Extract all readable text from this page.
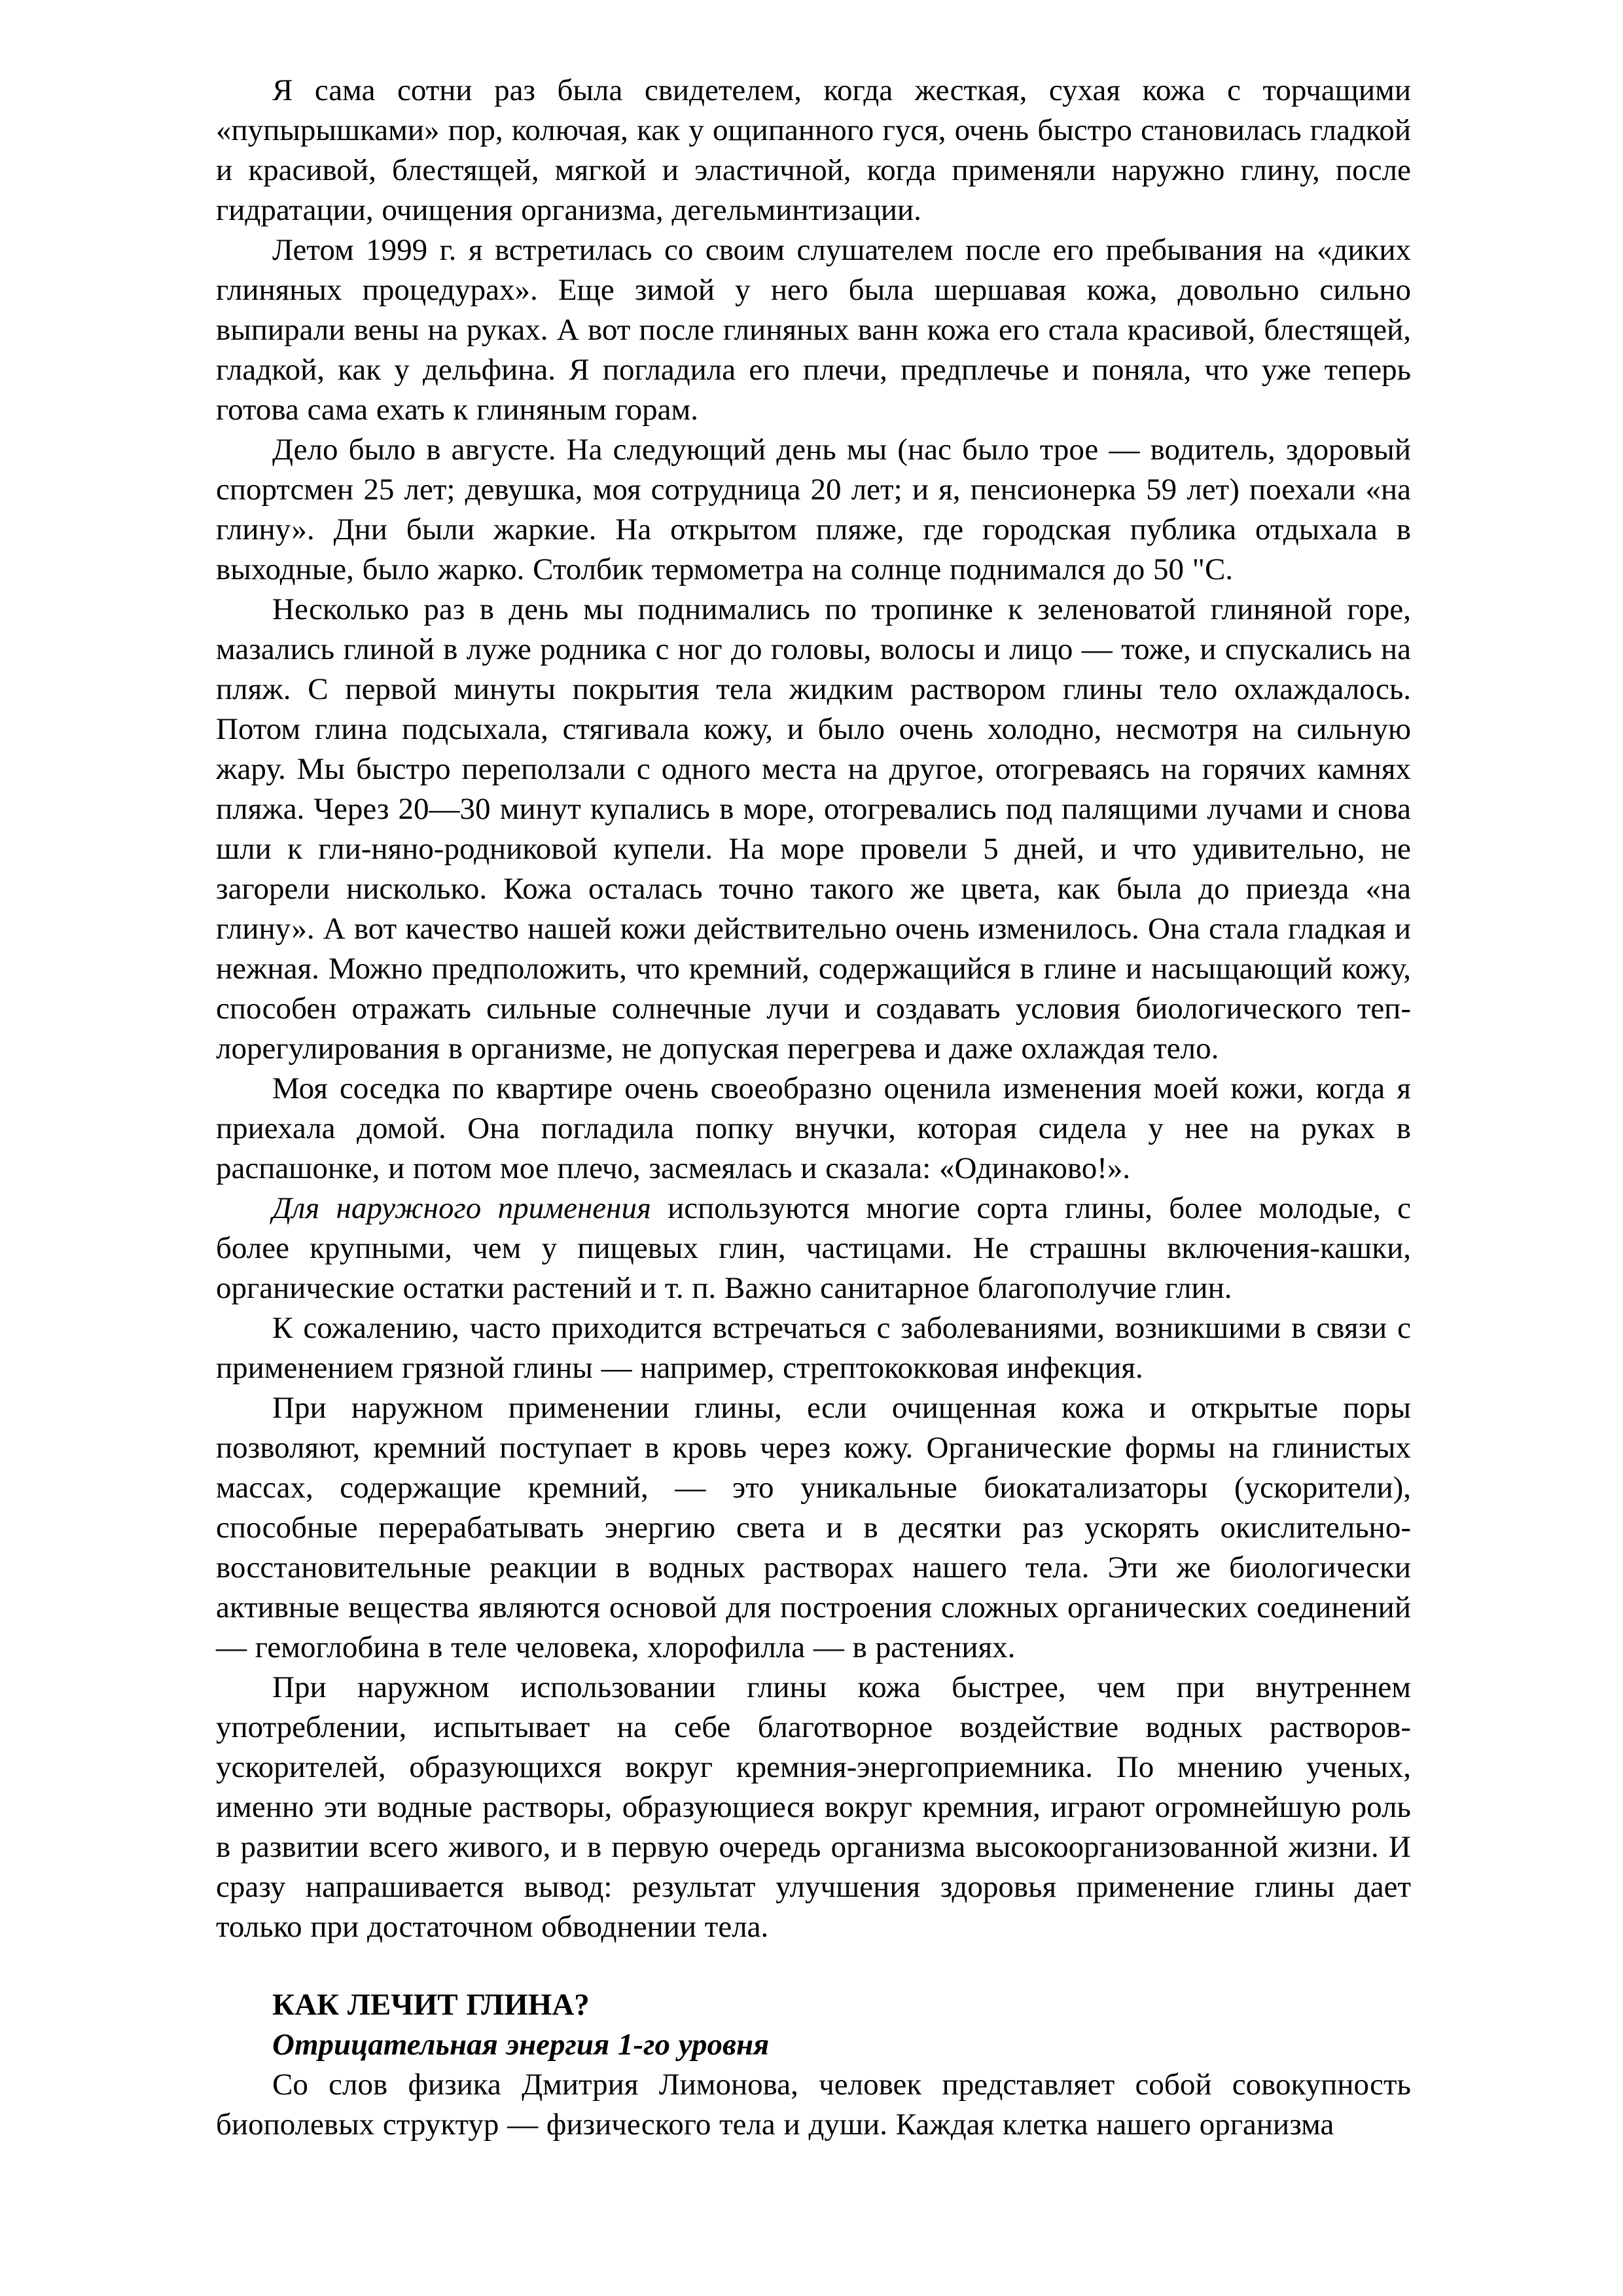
Я сама сотни раз была свидетелем, когда жесткая, сухая кожа с торчащими «пупырышками» пор, колючая, как у ощипанного гуся, очень быстро становилась гладкой и красивой, блестящей, мягкой и эластичной, когда применяли наружно глину, после гидратации, очищения организма, дегельминтизации.

Летом 1999 г. я встретилась со своим слушателем после его пребывания на «диких глиняных процедурах». Еще зимой у него была шершавая кожа, довольно сильно выпирали вены на руках. А вот после глиняных ванн кожа его стала красивой, блестящей, гладкой, как у дельфина. Я погладила его плечи, предплечье и поняла, что уже теперь готова сама ехать к глиняным горам.

Дело было в августе. На следующий день мы (нас было трое — водитель, здоровый спортсмен 25 лет; девушка, моя сотрудница 20 лет; и я, пенсионерка 59 лет) поехали «на глину». Дни были жаркие. На открытом пляже, где городская публика отдыхала в выходные, было жарко. Столбик термометра на солнце поднимался до 50 "С.

Несколько раз в день мы поднимались по тропинке к зеленоватой глиняной горе, мазались глиной в луже родника с ног до головы, волосы и лицо — тоже, и спускались на пляж. С первой минуты покрытия тела жидким раствором глины тело охлаждалось. Потом глина подсыхала, стягивала кожу, и было очень холодно, несмотря на сильную жару. Мы быстро переползали с одного места на другое, отогреваясь на горячих камнях пляжа. Через 20—30 минут купались в море, отогревались под палящими лучами и снова шли к гли-няно-родниковой купели. На море провели 5 дней, и что удивительно, не загорели нисколько. Кожа осталась точно такого же цвета, как была до приезда «на глину». А вот качество нашей кожи действительно очень изменилось. Она стала гладкая и нежная. Можно предположить, что кремний, содержащийся в глине и насыщающий кожу, способен отражать сильные солнечные лучи и создавать условия биологического теп-лорегулирования в организме, не допуская перегрева и даже охлаждая тело.

Моя соседка по квартире очень своеобразно оценила изменения моей кожи, когда я приехала домой. Она погладила попку внучки, которая сидела у нее на руках в распашонке, и потом мое плечо, засмеялась и сказала: «Одинаково!».

Для наружного применения используются многие сорта глины, более молодые, с более крупными, чем у пищевых глин, частицами. Не страшны включения-кашки, органические остатки растений и т. п. Важно санитарное благополучие глин.

К сожалению, часто приходится встречаться с заболеваниями, возникшими в связи с применением грязной глины — например, стрептококковая инфекция.

При наружном применении глины, если очищенная кожа и открытые поры позволяют, кремний поступает в кровь через кожу. Органические формы на глинистых массах, содержащие кремний, — это уникальные биокатализаторы (ускорители), способные перерабатывать энергию света и в десятки раз ускорять окислительно-восстановительные реакции в водных растворах нашего тела. Эти же биологически активные вещества являются основой для построения сложных органических соединений — гемоглобина в теле человека, хлорофилла — в растениях.

При наружном использовании глины кожа быстрее, чем при внутреннем употреблении, испытывает на себе благотворное воздействие водных растворов-ускорителей, образующихся вокруг кремния-энергоприемника. По мнению ученых, именно эти водные растворы, образующиеся вокруг кремния, играют огромнейшую роль в развитии всего живого, и в первую очередь организма высокоорганизованной жизни. И сразу напрашивается вывод: результат улучшения здоровья применение глины дает только при достаточном обводнении тела.

КАК ЛЕЧИТ ГЛИНА?
Отрицательная энергия 1-го уровня

Со слов физика Дмитрия Лимонова, человек представляет собой совокупность биополевых структур — физического тела и души. Каждая клетка нашего организма
